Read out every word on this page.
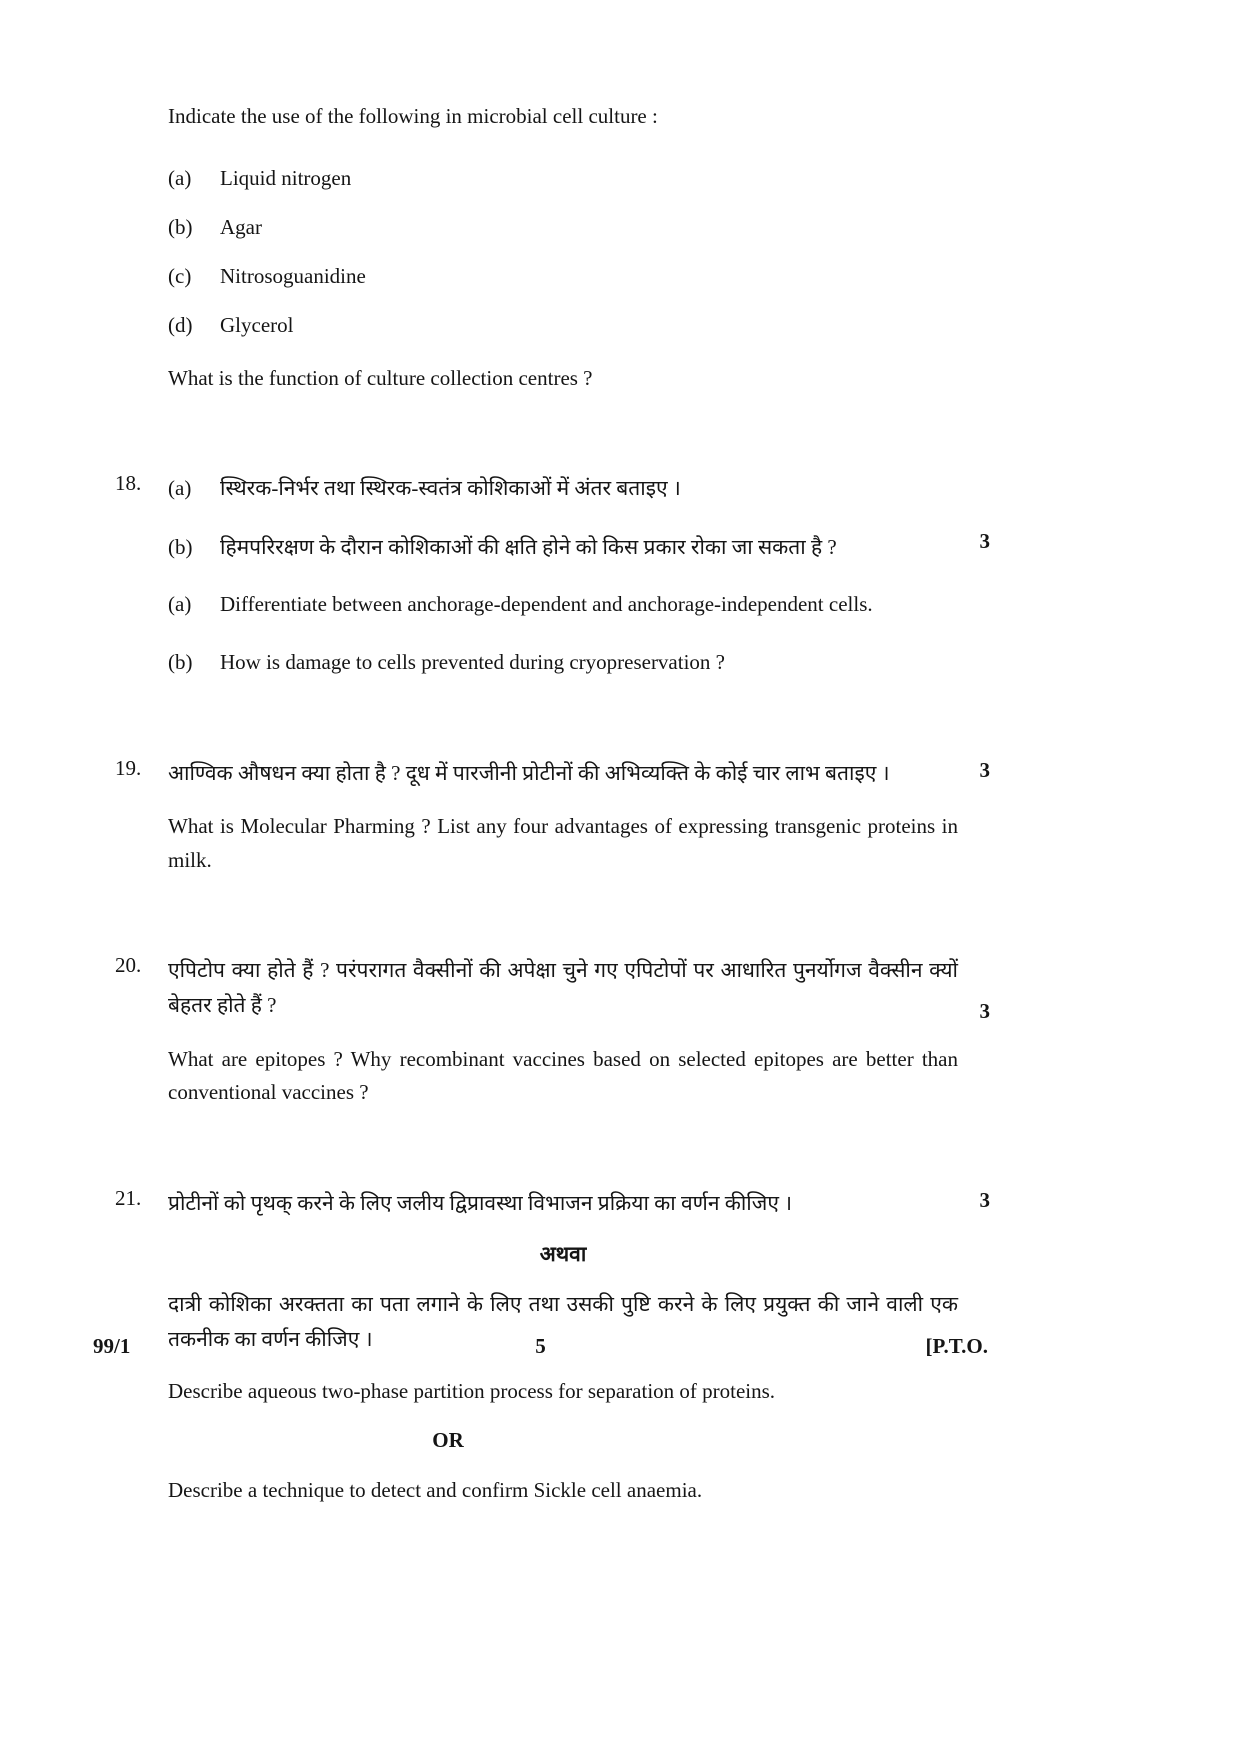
Indicate the use of the following in microbial cell culture :
(a)	Liquid nitrogen
(b)	Agar
(c)	Nitrosoguanidine
(d)	Glycerol
What is the function of culture collection centres ?
18.	(a)	स्थिरक-निर्भर तथा स्थिरक-स्वतंत्र कोशिकाओं में अंतर बताइए ।
(b)	हिमपरिरक्षण के दौरान कोशिकाओं की क्षति होने को किस प्रकार रोका जा सकता है ?
(a)	Differentiate between anchorage-dependent and anchorage-independent cells.
(b)	How is damage to cells prevented during cryopreservation ?
3
19.	आण्विक औषधन क्या होता है ? दूध में पारजीनी प्रोटीनों की अभिव्यक्ति के कोई चार लाभ बताइए ।
What is Molecular Pharming ? List any four advantages of expressing transgenic proteins in milk.
3
20.	एपिटोप क्या होते हैं ? परंपरागत वैक्सीनों की अपेक्षा चुने गए एपिटोपों पर आधारित पुनर्योगज वैक्सीन क्यों बेहतर होते हैं ?
What are epitopes ? Why recombinant vaccines based on selected epitopes are better than conventional vaccines ?
3
21.	प्रोटीनों को पृथक् करने के लिए जलीय द्विप्रावस्था विभाजन प्रक्रिया का वर्णन कीजिए ।
अथवा
दात्री कोशिका अरक्तता का पता लगाने के लिए तथा उसकी पुष्टि करने के लिए प्रयुक्त की जाने वाली एक तकनीक का वर्णन कीजिए ।
Describe aqueous two-phase partition process for separation of proteins.
OR
Describe a technique to detect and confirm Sickle cell anaemia.
3
99/1	5	[P.T.O.
